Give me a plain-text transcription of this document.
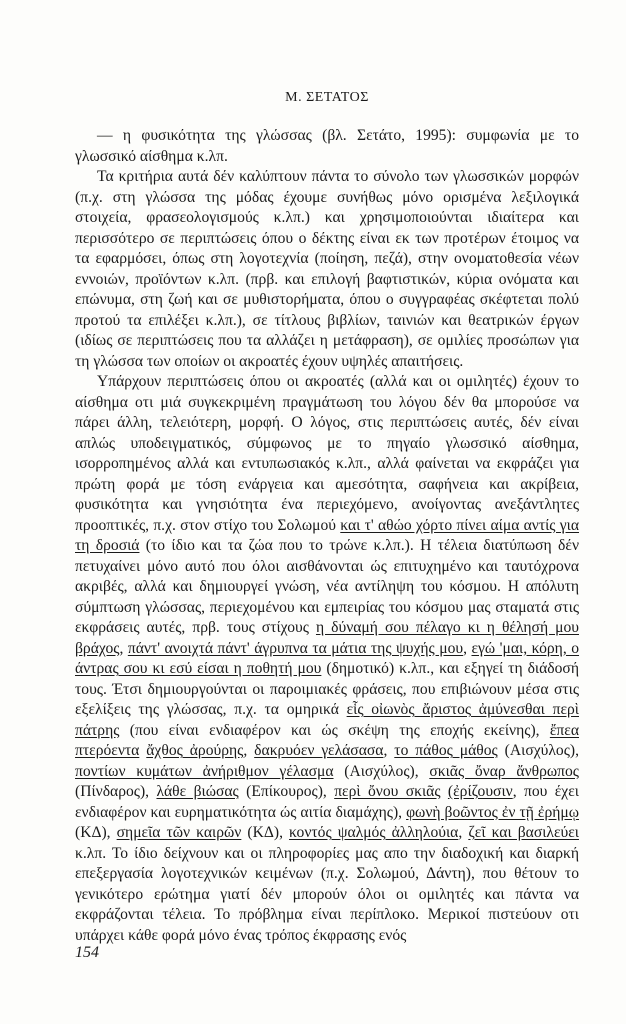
Μ. ΣΕΤΑΤΟΣ

— η φυσικότητα της γλώσσας (βλ. Σετάτο, 1995): συμφωνία με το γλωσσικό αίσθημα κ.λπ.

Τα κριτήρια αυτά δέν καλύπτουν πάντα το σύνολο των γλωσσικών μορφών (π.χ. στη γλώσσα της μόδας έχουμε συνήθως μόνο ορισμένα λεξιλογικά στοιχεία, φρασεολογισμούς κ.λπ.) και χρησιμοποιούνται ιδιαίτερα και περισσότερο σε περιπτώσεις όπου ο δέκτης είναι εκ των προτέρων έτοιμος να τα εφαρμόσει, όπως στη λογοτεχνία (ποίηση, πεζά), στην ονοματοθεσία νέων εννοιών, προϊόντων κ.λπ. (πρβ. και επιλογή βαφτιστικών, κύρια ονόματα και επώνυμα, στη ζωή και σε μυθιστορήματα, όπου ο συγγραφέας σκέφτεται πολύ προτού τα επιλέξει κ.λπ.), σε τίτλους βιβλίων, ταινιών και θεατρικών έργων (ιδίως σε περιπτώσεις που τα αλλάζει η μετάφραση), σε ομιλίες προσώπων για τη γλώσσα των οποίων οι ακροατές έχουν υψηλές απαιτήσεις.

Υπάρχουν περιπτώσεις όπου οι ακροατές (αλλά και οι ομιλητές) έχουν το αίσθημα οτι μιά συγκεκριμένη πραγμάτωση του λόγου δέν θα μπορούσε να πάρει άλλη, τελειότερη, μορφή. Ο λόγος, στις περιπτώσεις αυτές, δέν είναι απλώς υποδειγματικός, σύμφωνος με το πηγαίο γλωσσικό αίσθημα, ισορροπημένος αλλά και εντυπωσιακός κ.λπ., αλλά φαίνεται να εκφράζει για πρώτη φορά με τόση ενάργεια και αμεσότητα, σαφήνεια και ακρίβεια, φυσικότητα και γνησιότητα ένα περιεχόμενο, ανοίγοντας ανεξάντλητες προοπτικές, π.χ. στον στίχο του Σολωμού και τ' αθώο χόρτο πίνει αίμα αντίς για τη δροσιά (το ίδιο και τα ζώα που το τρώνε κ.λπ.). Η τέλεια διατύπωση δέν πετυχαίνει μόνο αυτό που όλοι αισθάνονται ώς επιτυχημένο και ταυτόχρονα ακριβές, αλλά και δημιουργεί γνώση, νέα αντίληψη του κόσμου. Η απόλυτη σύμπτωση γλώσσας, περιεχομένου και εμπειρίας του κόσμου μας σταματά στις εκφράσεις αυτές, πρβ. τους στίχους η δύναμή σου πέλαγο κι η θέλησή μου βράχος, πάντ' ανοιχτά πάντ' άγρυπνα τα μάτια της ψυχής μου, εγώ 'μαι, κόρη, ο άντρας σου κι εσύ είσαι η ποθητή μου (δημοτικό) κ.λπ., και εξηγεί τη διάδοσή τους. Έτσι δημιουργούνται οι παροιμιακές φράσεις, που επιβιώνουν μέσα στις εξελίξεις της γλώσσας, π.χ. τα ομηρικά εἷς οἰωνὸς ἄριστος ἀμύνεσθαι περὶ πάτρης (που είναι ενδιαφέρον και ώς σκέψη της εποχής εκείνης), ἔπεα πτερόεντα ἄχθος ἀρούρης, δακρυόεν γελάσασα, το πάθος μάθος (Αισχύλος), ποντίων κυμάτων ἀνήριθμον γέλασμα (Αισχύλος), σκιᾶς ὄναρ ἄνθρωπος (Πίνδαρος), λάθε βιώσας (Επίκουρος), περὶ ὄνου σκιᾶς (ἐρίζουσιν, που έχει ενδιαφέρον και ευρηματικότητα ώς αιτία διαμάχης), φωνὴ βοῶντος ἐν τῇ ἐρήμῳ (ΚΔ), σημεῖα τῶν καιρῶν (ΚΔ), κοντός ψαλμός ἀλληλούια, ζεῖ και βασιλεύει κ.λπ. Το ίδιο δείχνουν και οι πληροφορίες μας απο την διαδοχική και διαρκή επεξεργασία λογοτεχνικών κειμένων (π.χ. Σολωμού, Δάντη), που θέτουν το γενικότερο ερώτημα γιατί δέν μπορούν όλοι οι ομιλητές και πάντα να εκφράζονται τέλεια. Το πρόβλημα είναι περίπλοκο. Μερικοί πιστεύουν οτι υπάρχει κάθε φορά μόνο ένας τρόπος έκφρασης ενός

154
